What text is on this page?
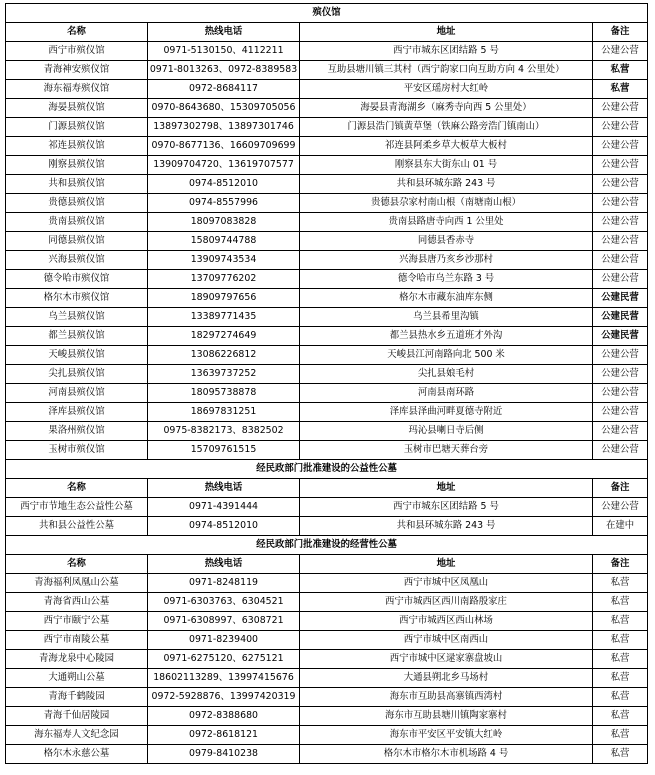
殡仪馆			
名称	热线电话	地址	备注
西宁市殡仪馆	0971-5130150、4112211	西宁市城东区团结路 5 号	公建公营
青海神安殡仪馆	0971-8013263、0972-8389583	互助县塘川镇三其村（西宁韵家口向互助方向 4 公里处）	私营
海东福寿殡仪馆	0972-8684117	平安区瑶房村大红岭	私营
海晏县殡仪馆	0970-8643680、15309705056	海晏县青海湖乡（麻秀寺向西 5 公里处）	公建公营
门源县殡仪馆	13897302798、13897301746	门源县浩门镇黄草堡（铁麻公路旁浩门镇南山）	公建公营
祁连县殡仪馆	0970-8677136、16609709699	祁连县阿柔乡草大板草大板村	公建公营
刚察县殡仪馆	13909704720、13619707577	刚察县东大街东山 01 号	公建公营
共和县殡仪馆	0974-8512010	共和县环城东路 243 号	公建公营
贵德县殡仪馆	0974-8557996	贵德县尕家村南山根（南塘南山根）	公建公营
贵南县殡仪馆	18097083828	贵南县路唐寺向西 1 公里处	公建公营
同德县殡仪馆	15809744788	同德县香赤寺	公建公营
兴海县殡仪馆	13909743534	兴海县唐乃亥乡沙那村	公建公营
德令哈市殡仪馆	13709776202	德令哈市乌兰东路 3 号	公建公营
格尔木市殡仪馆	18909797656	格尔木市藏东油库东侧	公建民营
乌兰县殡仪馆	13389771435	乌兰县希里沟镇	公建民营
都兰县殡仪馆	18297274649	都兰县热水乡五道班才外沟	公建民营
天峻县殡仪馆	13086226812	天峻县江河南路向北 500 米	公建公营
尖扎县殡仪馆	13639737252	尖扎县娘毛村	公建公营
河南县殡仪馆	18095738878	河南县南环路	公建公营
泽库县殡仪馆	18697831251	泽库县泽曲河畔夏德寺附近	公建公营
果洛州殡仪馆	0975-8382173、8382502	玛沁县喇日寺后侧	公建公营
玉树市殡仪馆	15709761515	玉树市巴塘天葬台旁	公建公营
经民政部门批准建设的公益性公墓			
名称	热线电话	地址	备注
西宁市节地生态公益性公墓	0971-4391444	西宁市城东区团结路 5 号	公建公营
共和县公益性公墓	0974-8512010	共和县环城东路 243 号	在建中
经民政部门批准建设的经营性公墓			
名称	热线电话	地址	备注
青海福利凤凰山公墓	0971-8248119	西宁市城中区凤凰山	私营
青海省西山公墓	0971-6303763、6304521	西宁市城西区西川南路殷家庄	私营
西宁市颐宁公墓	0971-6308997、6308721	西宁市城西区西山林场	私营
西宁市南陵公墓	0971-8239400	西宁市城中区南西山	私营
青海龙泉中心陵园	0971-6275120、6275121	西宁市城中区逯家寨盘坡山	私营
大通朔山公墓	18602113289、13997415676	大通县朔北乡马场村	私营
青海千鹤陵园	0972-5928876、13997420319	海东市互助县高寨镇西湾村	私营
青海千仙居陵园	0972-8388680	海东市互助县塘川镇陶家寨村	私营
海东福寿人文纪念园	0972-8618121	海东市平安区平安镇大红岭	私营
格尔木永慈公墓	0979-8410238	格尔木市格尔木市机场路 4 号	私营
